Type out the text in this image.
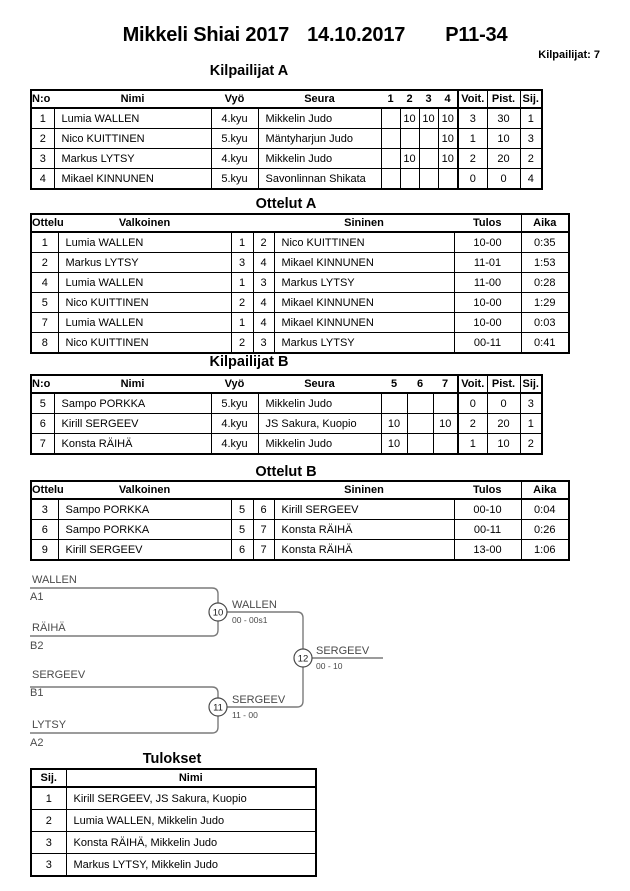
Mikkeli Shiai 2017 14.10.2017 P11-34
Kilpailijat: 7
Kilpailijat A
N:o	Nimi	Vyö	Seura	1	2	3	4	Voit.	Pist.	Sij.
1	Lumia WALLEN	4.kyu	Mikkelin Judo		10	10	10	3	30	1
2	Nico KUITTINEN	5.kyu	Mäntyharjun Judo				10	1	10	3
3	Markus LYTSY	4.kyu	Mikkelin Judo		10		10	2	20	2
4	Mikael KINNUNEN	5.kyu	Savonlinnan Shikata					0	0	4
Ottelut A
Ottelu	Valkoinen			Sininen	Tulos	Aika
1	Lumia WALLEN	1	2	Nico KUITTINEN	10-00	0:35
2	Markus LYTSY	3	4	Mikael KINNUNEN	11-01	1:53
4	Lumia WALLEN	1	3	Markus LYTSY	11-00	0:28
5	Nico KUITTINEN	2	4	Mikael KINNUNEN	10-00	1:29
7	Lumia WALLEN	1	4	Mikael KINNUNEN	10-00	0:03
8	Nico KUITTINEN	2	3	Markus LYTSY	00-11	0:41
Kilpailijat B
N:o	Nimi	Vyö	Seura	5	6	7	Voit.	Pist.	Sij.
5	Sampo PORKKA	5.kyu	Mikkelin Judo				0	0	3
6	Kirill SERGEEV	4.kyu	JS Sakura, Kuopio	10		10	2	20	1
7	Konsta RÄIHÄ	4.kyu	Mikkelin Judo	10			1	10	2
Ottelut B
Ottelu	Valkoinen			Sininen	Tulos	Aika
3	Sampo PORKKA	5	6	Kirill SERGEEV	00-10	0:04
6	Sampo PORKKA	5	7	Konsta RÄIHÄ	00-11	0:26
9	Kirill SERGEEV	6	7	Konsta RÄIHÄ	13-00	1:06
WALLEN
A1
RÄIHÄ
B2
10
WALLEN
00 - 00s1
SERGEEV
B1
LYTSY
A2
11
SERGEEV
11 - 00
12
SERGEEV
00 - 10
Tulokset
Sij.	Nimi
1	Kirill SERGEEV, JS Sakura, Kuopio
2	Lumia WALLEN, Mikkelin Judo
3	Konsta RÄIHÄ, Mikkelin Judo
3	Markus LYTSY, Mikkelin Judo
